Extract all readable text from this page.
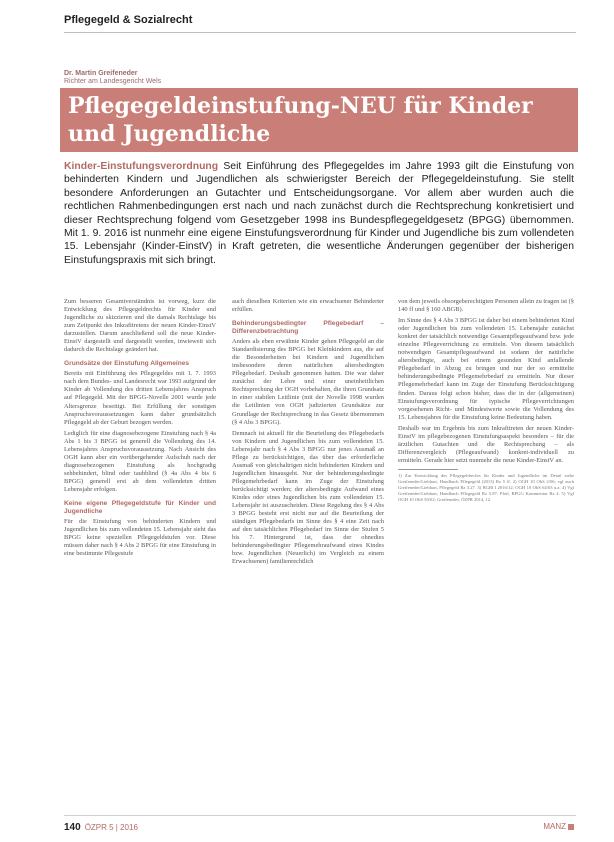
Pflegegeld & Sozialrecht
Dr. Martin Greifeneder
Richter am Landesgericht Wels
Pflegegeldeinstufung-NEU für Kinder und Jugendliche
Kinder-Einstufungsverordnung Seit Einführung des Pflegegeldes im Jahre 1993 gilt die Einstufung von behinderten Kindern und Jugendlichen als schwierigster Bereich der Pflegegeldeinstufung. Sie stellt besondere Anforderungen an Gutachter und Entscheidungsorgane. Vor allem aber wurden auch die rechtlichen Rahmenbedingungen erst nach und nach zunächst durch die Rechtsprechung konkretisiert und dieser Rechtsprechung folgend vom Gesetzgeber 1998 ins Bundespflegegeldgesetz (BPGG) übernommen. Mit 1. 9. 2016 ist nunmehr eine eigene Einstufungsverordnung für Kinder und Jugendliche bis zum vollendeten 15. Lebensjahr (Kinder-EinstV) in Kraft getreten, die wesentliche Änderungen gegenüber der bisherigen Einstufungspraxis mit sich bringt.

Zum besseren Gesamtverständnis ist vorweg, kurz die Entwicklung des Pflegegeldrechts für Kinder und Jugendliche zu skizzieren und die damals Rechtslage bis zum Zeitpunkt des Inkrafttretens der neuen Kinder-EinstV darzustellen. Darum anschließend soll die neue Kinder-EinstV dargestellt und dargestellt werden, inwieweit sich dadurch die Rechtslage geändert hat.

Grundsätze der Einstufung Allgemeines

Bereits mit Einführung des Pflegegeldes mit 1. 7. 1993 nach dem Bundes- und Landesrecht war 1993 aufgrund der Kinder ab Vollendung des dritten Lebensjahres Anspruch auf Pflegegeld. Mit der BPGG-Novelle 2001 wurde jede Altersgrenze beseitigt. Bei Erfüllung der sonstigen Anspruchsvoraussetzungen kann daher grundsätzlich Pflegegeld ab der Geburt bezogen werden.

Lediglich für eine diagnosebezogene Einstufung nach § 4a Abs 1 bis 3 BPGG ist generell die Vollendung des 14. Lebensjahres Anspruchsvoraussetzung. Nach Ansicht des OGH kann aber ein vorübergehender Aufschub nach der diagnosebezogenen Einstufung als hochgradig sehbehindert, blind oder taubblind (§ 4a Abs 4 bis 6 BPGG) generell erst ab dem vollendeten dritten Lebensjahr erfolgen.

Keine eigene Pflegegeldstufe für Kinder und Jugendliche

Für die Einstufung von behinderten Kindern und Jugendlichen bis zum vollendeten 15. Lebensjahr sieht das BPGG keine speziellen Pflegegeldstufen vor. Diese müssen daher nach § 4 Abs 2 BPGG für eine Einstufung in eine bestimmte Pflegestufe

auch dieselben Kriterien wie ein erwachsener Behinderter erfüllen.

Behinderungsbedingter Pflegebedarf – Differenzbetrachtung

Anders als eben erwähnte Kinder gehen Pflegegeld an die Standardisierung des BPGG bei Kleinkindern aus, die auf die Besonderheiten bei Kindern und Jugendlichen insbesondere deren natürlichen altersbedingten Pflegebedarf. Deshalb genommen hatten. Die war daher zunächst der Lehre und einer uneinheitlichen Rechtsprechung der OGH vorbehalten, die ihren Grundsatz in einer stabilen Leitlinie (mit der Novelle 1998 wurden die Leitlinien von OGH judizierten Grundsätze zur Grundlage der Rechtsprechung in das Gesetz übernommen (§ 4 Abs 3 BPGG).

Demnach ist aktuell für die Beurteilung des Pflegebedarfs von Kindern und Jugendlichen bis zum vollendeten 15. Lebensjahr nach § 4 Abs 3 BPGG nur jenes Ausmaß an Pflege zu berücksichtigen, das über das erforderliche Ausmaß von gleichaltrigen nicht behinderten Kindern und Jugendlichen hinausgeht. Nur der behinderungsbedingte Pflegemehrbedarf kann im Zuge der Einstufung berücksichtigt werden; der altersbedingte Aufwand eines Kindes oder eines Jugendlichen bis zum vollendeten 15. Lebensjahr ist auszuscheiden. Diese Regelung des § 4 Abs 3 BPGG besteht erst nicht nur auf die Beurteilung der ständigen Pflegebedarfs im Sinne des § 4 eine Zeit nach auf den tatsächlichen Pflegebedarf im Sinne der Stufen 5 bis 7. Hintergrund ist, dass der ohnedies behinderungsbedingter Pflegemehraufwand eines Kindes bzw. Jugendlichen (Neuerlich) im Vergleich zu einem Erwachsenen) familienrechtlich

von dem jeweils obsorgeberechtigten Personen allein zu tragen ist (§ 140 ff und § 160 ABGB).

Im Sinne des § 4 Abs 3 BPGG ist daher bei einem behinderten Kind oder Jugendlichen bis zum vollendeten 15. Lebensjahr zunächst konkret der tatsächlich notwendige Gesamtpflegeaufwand bzw. jede einzelne Pflegeverrichtung zu ermitteln. Von diesem tatsächlich notwendigen Gesamtpflegeaufwand ist sodann der natürliche altersbedingte, auch bei einem gesunden Kind anfallende Pflegebedarf in Abzug zu bringen und nur der so ermittelte behinderungsbedingte Pflegemehrbedarf zu ermitteln. Nur dieser Pflegemehrbedarf kann im Zuge der Einstufung Berücksichtigung finden. Daraus folgt schon bisher, dass die in der (allgemeinen) Einstufungsverordnung für typische Pflegeverrichtungen vorgesehenen Richt- und Mindestwerte sowie die Vollendung des 15. Lebensjahres für die Einstufung keine Bedeutung haben.

Deshalb war im Ergebnis bis zum Inkrafttreten der neuen Kinder-EinstV im pflegebezogenen Einstufungsaspekt besonders – für die ärztlichen Gutachten und die Rechtsprechung – als Differenzvergleich (Pflegeaufwand) konkret-individuell zu ermitteln. Gerade hier setzt nunmehr die neue Kinder-EinstV an.

1) Zur Entwicklung des Pflegegeldrechts für Kinder und Jugendliche im Detail siehe Greifeneder/Liebhart, Handbuch Pflegegeld (2013) Rz 5 ff. 2) OGH 10 ObS 2/06; vgl auch Greifeneder/Liebhart, Pflegegeld Rz 3.27. 3) BGBl I 2016/12; OGH 10 ObS 64/03 u.a. 4) Vgl Greifeneder/Liebhart, Handbuch Pflegegeld Rz 5.87; Pfeil, BPGG Kommentar Rz 4. 5) Vgl OGH 10 ObS 50/02; Greifeneder, ÖZPR 2014, 12.
140 ÖZPR 5 | 2016	MANZ
